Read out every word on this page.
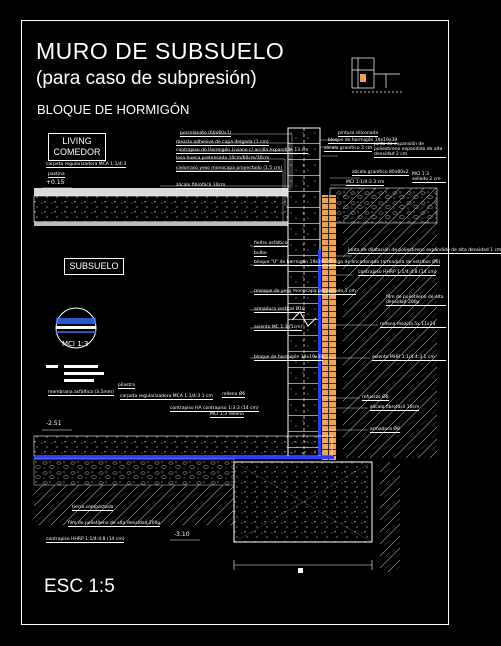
MURO DE SUBSUELO
(para caso de subpresión)
BLOQUE DE HORMIGÓN
LIVING COMEDOR
SUBSUELO
ESC 1:5
porcelanato (60x60x1)
mezcla adhesiva de capa delgada (1 cm)
contrapiso de Hormigón Liviano c/ arcilla expandida 13 cm
losa hueca pretensada 10cm/60cm/30cm
cielorraso yeso monocapa proyectado (1.5 cm)
zócalo fibrofácil 10cm
carpeta regularizadora MCA 1:1/4:3
pastina
fieltro asfáltico
bulbo
bloque "U" de hormigón 19x19x39 viga de encadenado (armadura de estribos Ø6)
revoque de yeso monocapa proyectado 1 cm
armadura vertical Ø10
asiento MC 1:3 (1cm)
bloque de hormigón 19x19x39
membrana asfáltica (3.5mm)
carpeta regularizadora MCA 1:1/4:3 1 cm
pilastra
contrapiso HA contrapiso 1:3:3 (14 cm)
MCI 1:3 relleno
relleno Ø6
tierra compactada
film de polietileno de alta densidad 200μ
contrapiso HHRP 1:1/4:4:8 (14 cm)
pintura siliconada
bloque de hormigón 19x19x39
zócalo granítico 3 cm
junta de expansión de poliestireno expandido de alta densidad 2 cm
zócalo granítico 80x80x2
MCI 1:1/4:3 3 cm
MCI 1:3 sellado 2 cm
junta de dilatación de poliestireno expandido de alta densidad 1 cm
contrapiso HHRP 1:1/4:4:8 (14 cm)
film de polietileno de alta densidad 200μ
relleno mezcla 5x 11x24
asiento MHR 1:1/4:4:3 1 cm
refuerzo Ø6
zócalo fibrofácil 10cm
armadura Ø8
+0.15
-2.51
-3.10
MCI 1:3
